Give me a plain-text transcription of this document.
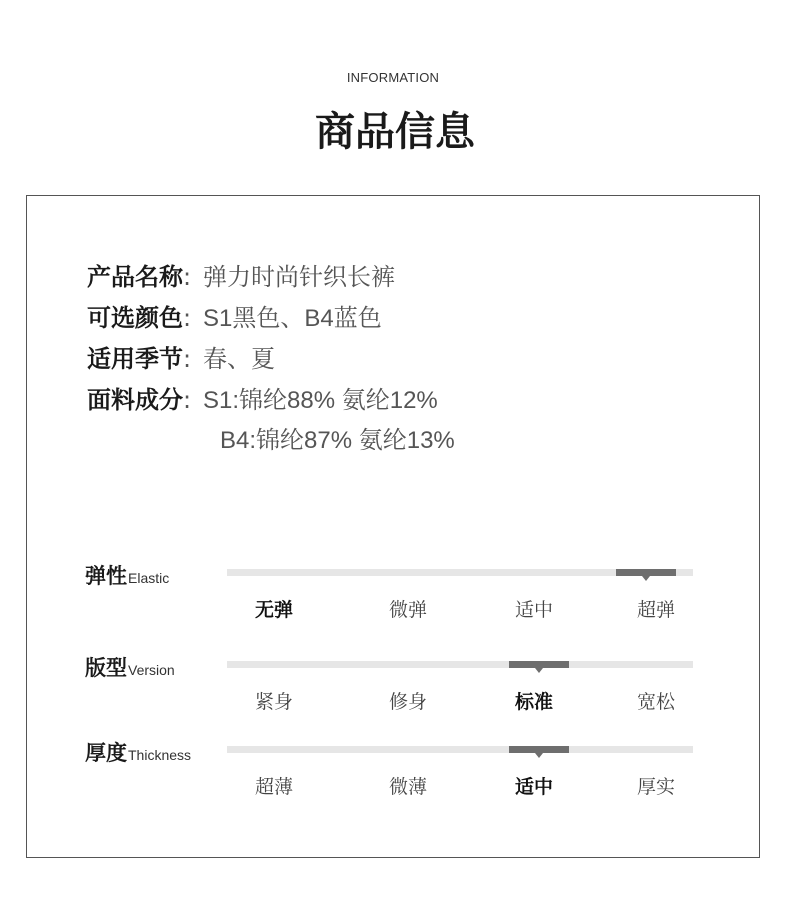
INFORMATION
商品信息
产品名称: 弹力时尚针织长裤
可选颜色: S1黑色、B4蓝色
适用季节: 春、夏
面料成分: S1:锦纶88% 氨纶12%
B4:锦纶87% 氨纶13%
弹性Elastic
无弹	微弹	适中	超弹
版型Version
紧身	修身	标准	宽松
厚度Thickness
超薄	微薄	适中	厚实
